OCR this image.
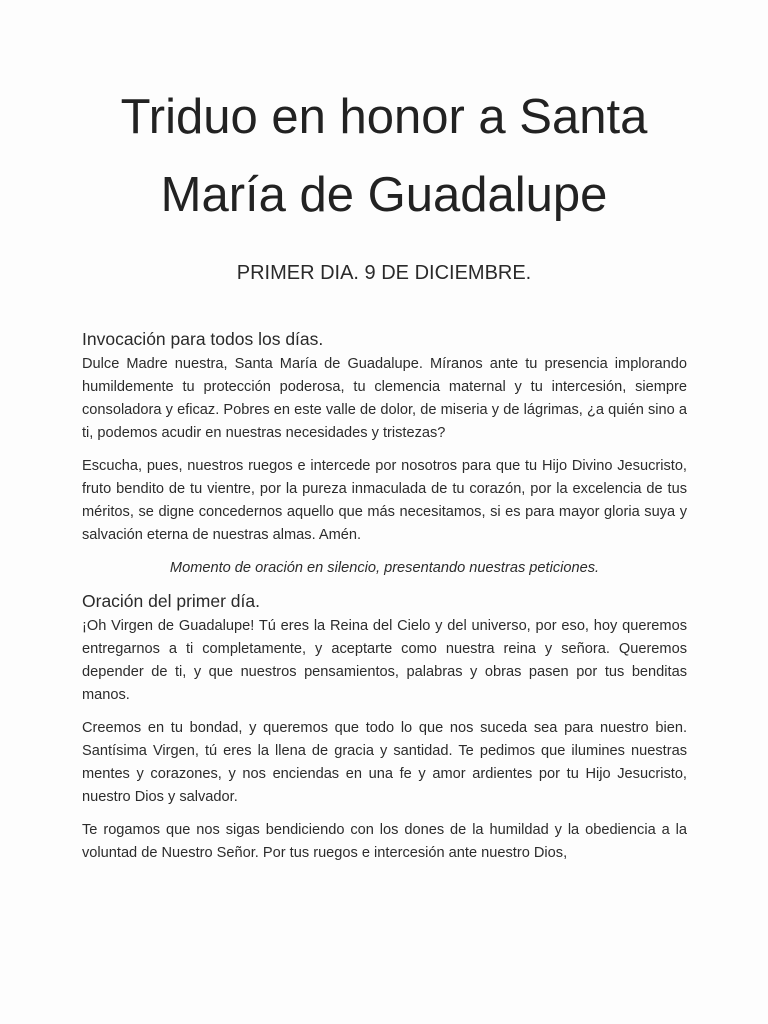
Triduo en honor a Santa
María de Guadalupe

PRIMER DIA. 9 DE DICIEMBRE.

Invocación para todos los días.

Dulce Madre nuestra, Santa María de Guadalupe. Míranos ante tu presencia implorando humildemente tu protección poderosa, tu clemencia maternal y tu intercesión, siempre consoladora y eficaz. Pobres en este valle de dolor, de miseria y de lágrimas, ¿a quién sino a ti, podemos acudir en nuestras necesidades y tristezas?

Escucha, pues, nuestros ruegos e intercede por nosotros para que tu Hijo Divino Jesucristo, fruto bendito de tu vientre, por la pureza inmaculada de tu corazón, por la excelencia de tus méritos, se digne concedernos aquello que más necesitamos, si es para mayor gloria suya y salvación eterna de nuestras almas. Amén.

Momento de oración en silencio, presentando nuestras peticiones.

Oración del primer día.

¡Oh Virgen de Guadalupe! Tú eres la Reina del Cielo y del universo, por eso, hoy queremos entregarnos a ti completamente, y aceptarte como nuestra reina y señora. Queremos depender de ti, y que nuestros pensamientos, palabras y obras pasen por tus benditas manos.

Creemos en tu bondad, y queremos que todo lo que nos suceda sea para nuestro bien. Santísima Virgen, tú eres la llena de gracia y santidad. Te pedimos que ilumines nuestras mentes y corazones, y nos enciendas en una fe y amor ardientes por tu Hijo Jesucristo, nuestro Dios y salvador.

Te rogamos que nos sigas bendiciendo con los dones de la humildad y la obediencia a la voluntad de Nuestro Señor. Por tus ruegos e intercesión ante nuestro Dios,
